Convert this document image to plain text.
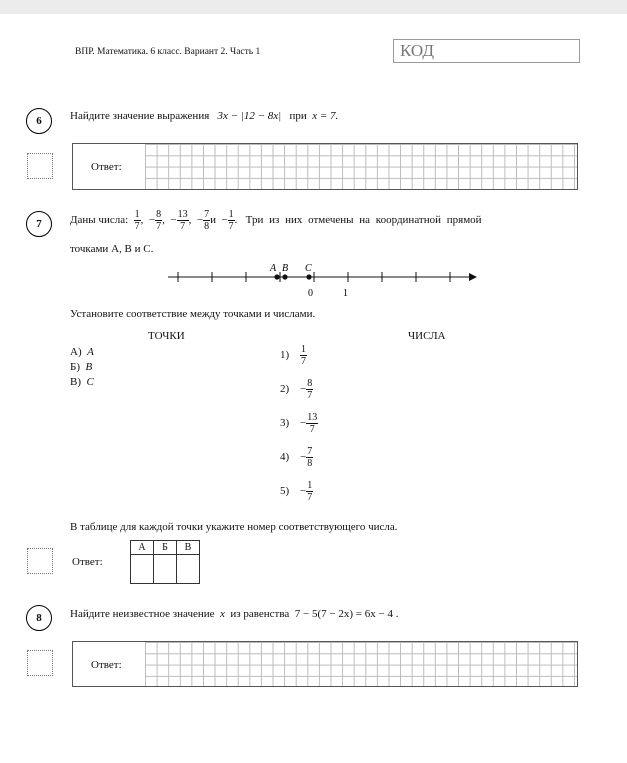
ВПР. Математика. 6 класс. Вариант 2. Часть 1	КОД
6	Найдите значение выражения 3x − |12 − 8x| при x = 7.
Ответ:
7	Даны числа: $\frac{1}{7}$ , − $\frac{8}{7}$ , − $\frac{13}{7}$ , − $\frac{7}{8}$ $и - \frac{1}{7}$ . Три из них отмечены на координатной прямой
точками A, B и C.
A B C
0	1
Установите соответствие между точками и числами.
ТОЧКИ	ЧИСЛА
А) A
Б) B
В) C
$1) \frac{1}{7}$
$2) - \frac{8}{7}$
$3) - \frac{13}{7}$
$4) - \frac{7}{8}$
$5) - \frac{1}{7}$
В таблице для каждой точки укажите номер соответствующего числа.
Ответ:
А	Б	В

8	Найдите неизвестное значение x из равенства 7 − 5(7 − 2x) = 6x − 4 .
Ответ:
